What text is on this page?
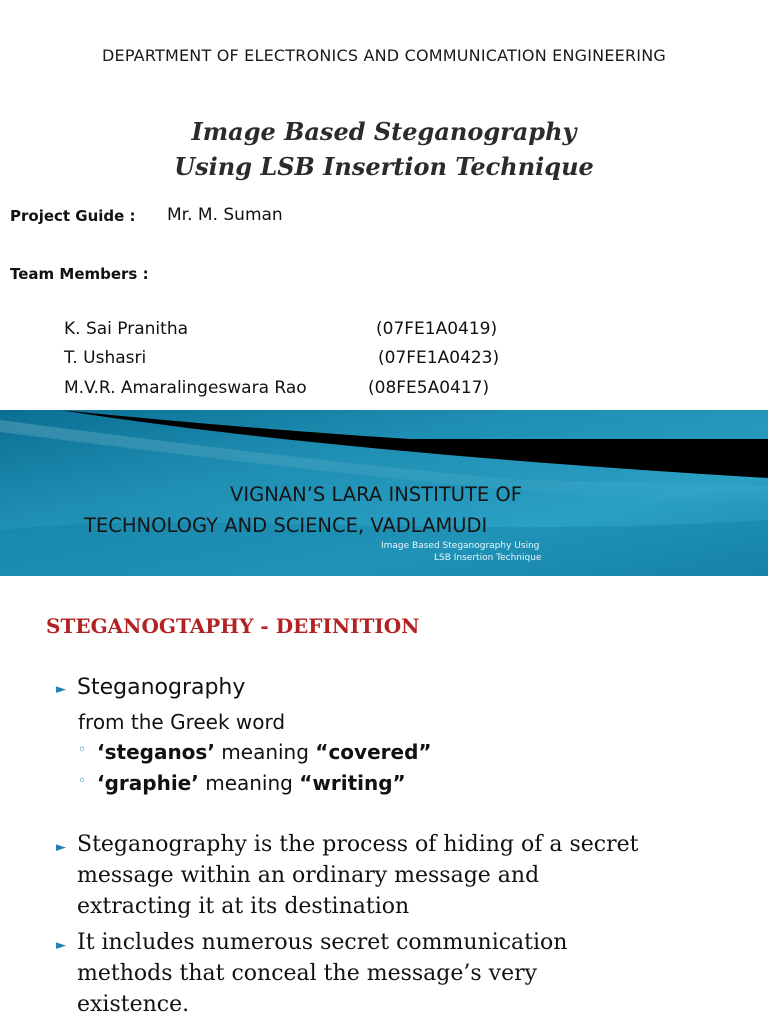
DEPARTMENT OF ELECTRONICS AND COMMUNICATION ENGINEERING
Image Based Steganography
Using LSB Insertion Technique
Project Guide : Mr. M. Suman
Team Members :
K. Sai Pranitha	(07FE1A0419)
T. Ushasri	(07FE1A0423)
M.V.R. Amaralingeswara Rao	(08FE5A0417)
VIGNAN’S LARA INSTITUTE OF
TECHNOLOGY AND SCIENCE, VADLAMUDI
Image Based Steganography Using
LSB Insertion Technique
STEGANOGTAPHY - DEFINITION
► Steganography
from the Greek word
◦ ‘steganos’ meaning “covered”
◦ ‘graphie’ meaning “writing”
► Steganography is the process of hiding of a secret
message within an ordinary message and
extracting it at its destination
► It includes numerous secret communication
methods that conceal the message’s very
existence.
